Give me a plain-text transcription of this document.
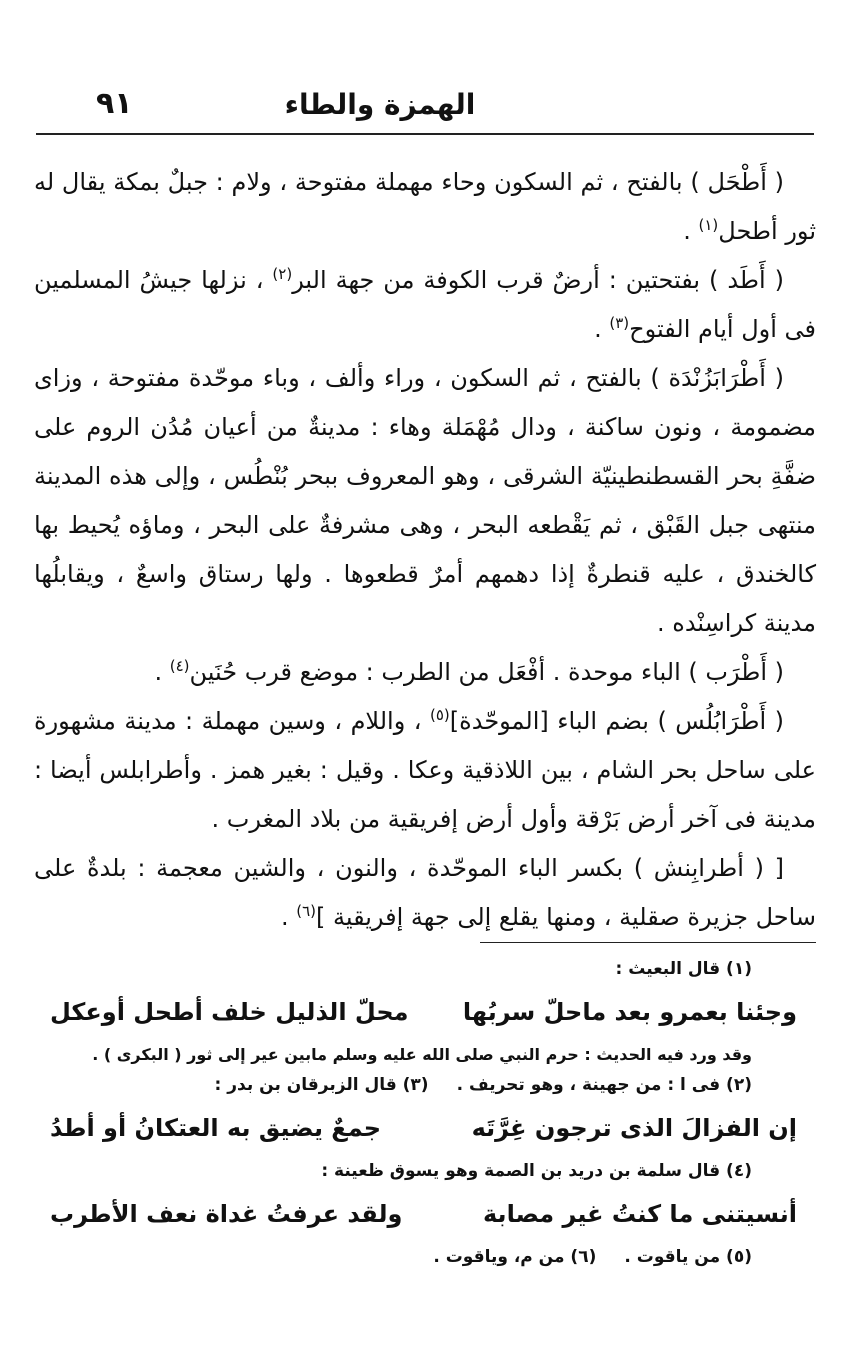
الهمزة والطاء
٩١

( أَطْحَل ) بالفتح ، ثم السكون وحاء مهملة مفتوحة ، ولام : جبلٌ بمكة يقال له ثور أطحل$^{(١)}$ .

( أَطَد ) بفتحتين : أرضٌ قرب الكوفة من جهة البر$^{(٢)}$ ، نزلها جيشُ المسلمين فى أول أيام الفتوح$^{(٣)}$ .

( أَطْرَابَزُنْدَة ) بالفتح ، ثم السكون ، وراء وألف ، وباء موحّدة مفتوحة ، وزاى مضمومة ، ونون ساكنة ، ودال مُهْمَلة وهاء : مدينةٌ من أعيان مُدُن الروم على ضفَّةِ بحر القسطنطينيّة الشرقى ، وهو المعروف ببحر بُنْطُس ، وإلى هذه المدينة منتهى جبل القَبْق ، ثم يَقْطعه البحر ، وهى مشرفةٌ على البحر ، وماؤه يُحيط بها كالخندق ، عليه قنطرةٌ إذا دهمهم أمرٌ قطعوها . ولها رستاق واسعٌ ، ويقابلُها مدينة كراسِنْده .

( أَطْرَب ) الباء موحدة . أفْعَل من الطرب : موضع قرب حُنَين$^{(٤)}$ .

( أَطْرَابُلُس ) بضم الباء [الموحّدة]$^{(٥)}$ ، واللام ، وسين مهملة : مدينة مشهورة على ساحل بحر الشام ، بين اللاذقية وعكا . وقيل : بغير همز . وأطرابلس أيضا : مدينة فى آخر أرض بَرْقة وأول أرض إفريقية من بلاد المغرب .

[ ( أطرابِنش ) بكسر الباء الموحّدة ، والنون ، والشين معجمة : بلدةٌ على ساحل جزيرة صقلية ، ومنها يقلع إلى جهة إفريقية ]$^{(٦)}$ .

(١) قال البعيث :

وجئنا بعمرو بعد ماحلّ سربُها
محلّ الذليل خلف أطحل أوعكل

وقد ورد فيه الحديث : حرم النبي صلى الله عليه وسلم مابين عير إلى ثور ( البكرى ) .

(٢) فى ا : من جهينة ، وهو تحريف .
(٣) قال الزبرقان بن بدر :
إن الفزالَ الذى ترجون غِرَّتَه
جمعٌ يضيق به العتكانُ أو أطدُ

(٤) قال سلمة بن دريد بن الصمة وهو يسوق ظعينة :

أنسيتنى ما كنتُ غير مصابة
ولقد عرفتُ غداة نعف الأطرب
(٥) من ياقوت .
(٦) من م، وياقوت .
